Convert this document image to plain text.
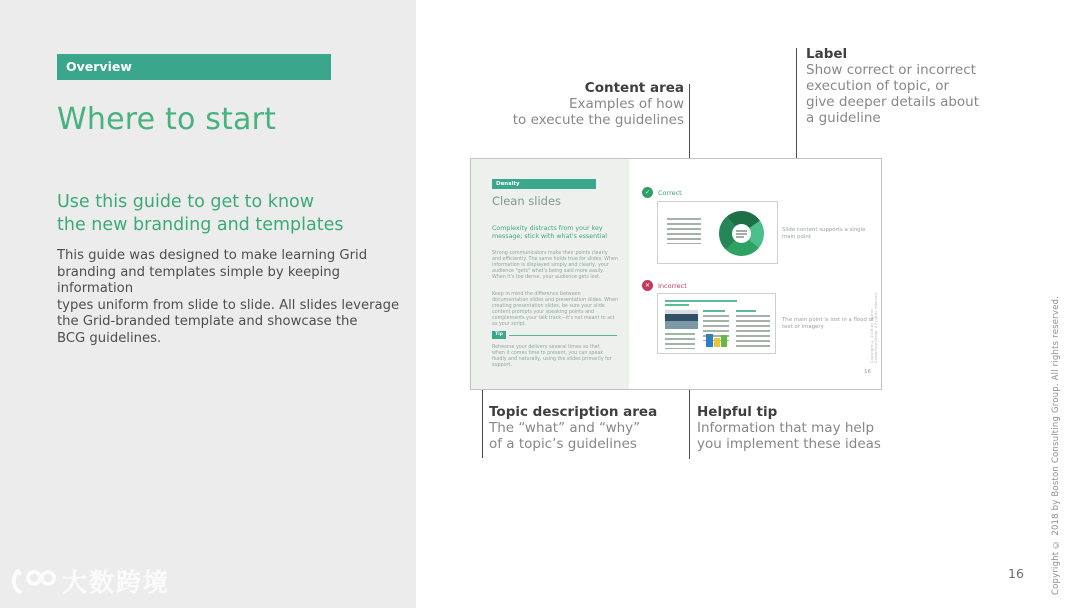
Overview
Where to start
Use this guide to get to know
the new branding and templates
This guide was designed to make learning Grid
branding and templates simple by keeping information
types uniform from slide to slide. All slides leverage
the Grid-branded template and showcase the
BCG guidelines.
大数跨境
Content area
Examples of how
to execute the guidelines
Label
Show correct or incorrect
execution of topic, or
give deeper details about
a guideline
Topic description area
The “what” and “why”
of a topic’s guidelines
Helpful tip
Information that may help
you implement these ideas
Density
Clean slides
Complexity distracts from your key message; stick with what's essential
Strong communicators make their points clearly and efficiently. The same holds true for slides. When information is displayed simply and clearly, your audience "gets" what's being said more easily. When it's too dense, your audience gets lost.
Keep in mind the difference between documentation slides and presentation slides. When creating presentation slides, be sure your slide content prompts your speaking points and complements your talk track—it's not meant to act as your script.
Tip
Rehearse your delivery several times so that when it comes time to present, you can speak fluidly and naturally, using the slides primarily for support.
✓	Correct
Slide content supports a single main point
✕	Incorrect
The main point is lost in a flood of text or imagery	Copyright © 2018 by Boston Consulting Group. All rights reserved.
16
16	Copyright © 2018 by Boston Consulting Group. All rights reserved.
